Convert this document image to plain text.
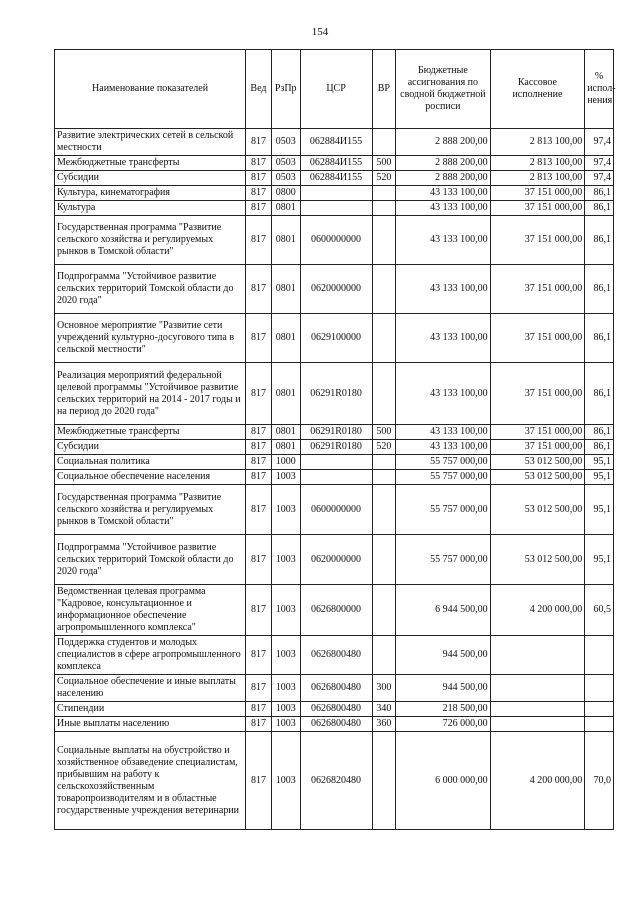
154
Наименование показателей	Вед	РзПр	ЦСР	ВР	Бюджетные ассигнования по сводной бюджетной росписи	Кассовое исполнение	% испол-нения
Развитие электрических сетей в сельской местности	817	0503	062884И155		2 888 200,00	2 813 100,00	97,4
Межбюджетные трансферты	817	0503	062884И155	500	2 888 200,00	2 813 100,00	97,4
Субсидии	817	0503	062884И155	520	2 888 200,00	2 813 100,00	97,4
Культура, кинематография	817	0800			43 133 100,00	37 151 000,00	86,1
Культура	817	0801			43 133 100,00	37 151 000,00	86,1
Государственная программа "Развитие сельского хозяйства и регулируемых рынков в Томской области"	817	0801	0600000000		43 133 100,00	37 151 000,00	86,1
Подпрограмма "Устойчивое развитие сельских территорий Томской области до 2020 года"	817	0801	0620000000		43 133 100,00	37 151 000,00	86,1
Основное мероприятие "Развитие сети учреждений культурно-досугового типа в сельской местности"	817	0801	0629100000		43 133 100,00	37 151 000,00	86,1
Реализация мероприятий федеральной целевой программы "Устойчивое развитие сельских территорий на 2014 - 2017 годы и на период до 2020 года"	817	0801	06291R0180		43 133 100,00	37 151 000,00	86,1
Межбюджетные трансферты	817	0801	06291R0180	500	43 133 100,00	37 151 000,00	86,1
Субсидии	817	0801	06291R0180	520	43 133 100,00	37 151 000,00	86,1
Социальная политика	817	1000			55 757 000,00	53 012 500,00	95,1
Социальное обеспечение населения	817	1003			55 757 000,00	53 012 500,00	95,1
Государственная программа "Развитие сельского хозяйства и регулируемых рынков в Томской области"	817	1003	0600000000		55 757 000,00	53 012 500,00	95,1
Подпрограмма "Устойчивое развитие сельских территорий Томской области до 2020 года"	817	1003	0620000000		55 757 000,00	53 012 500,00	95,1
Ведомственная целевая программа "Кадровое, консультационное и информационное обеспечение агропромышленного комплекса"	817	1003	0626800000		6 944 500,00	4 200 000,00	60,5
Поддержка студентов и молодых специалистов в сфере агропромышленного комплекса	817	1003	0626800480		944 500,00		
Социальное обеспечение и иные выплаты населению	817	1003	0626800480	300	944 500,00		
Стипендии	817	1003	0626800480	340	218 500,00		
Иные выплаты населению	817	1003	0626800480	360	726 000,00		
Социальные выплаты на обустройство и хозяйственное обзаведение специалистам, прибывшим на работу к сельскохозяйственным товаропроизводителям и в областные государственные учреждения ветеринарии	817	1003	0626820480		6 000 000,00	4 200 000,00	70,0
